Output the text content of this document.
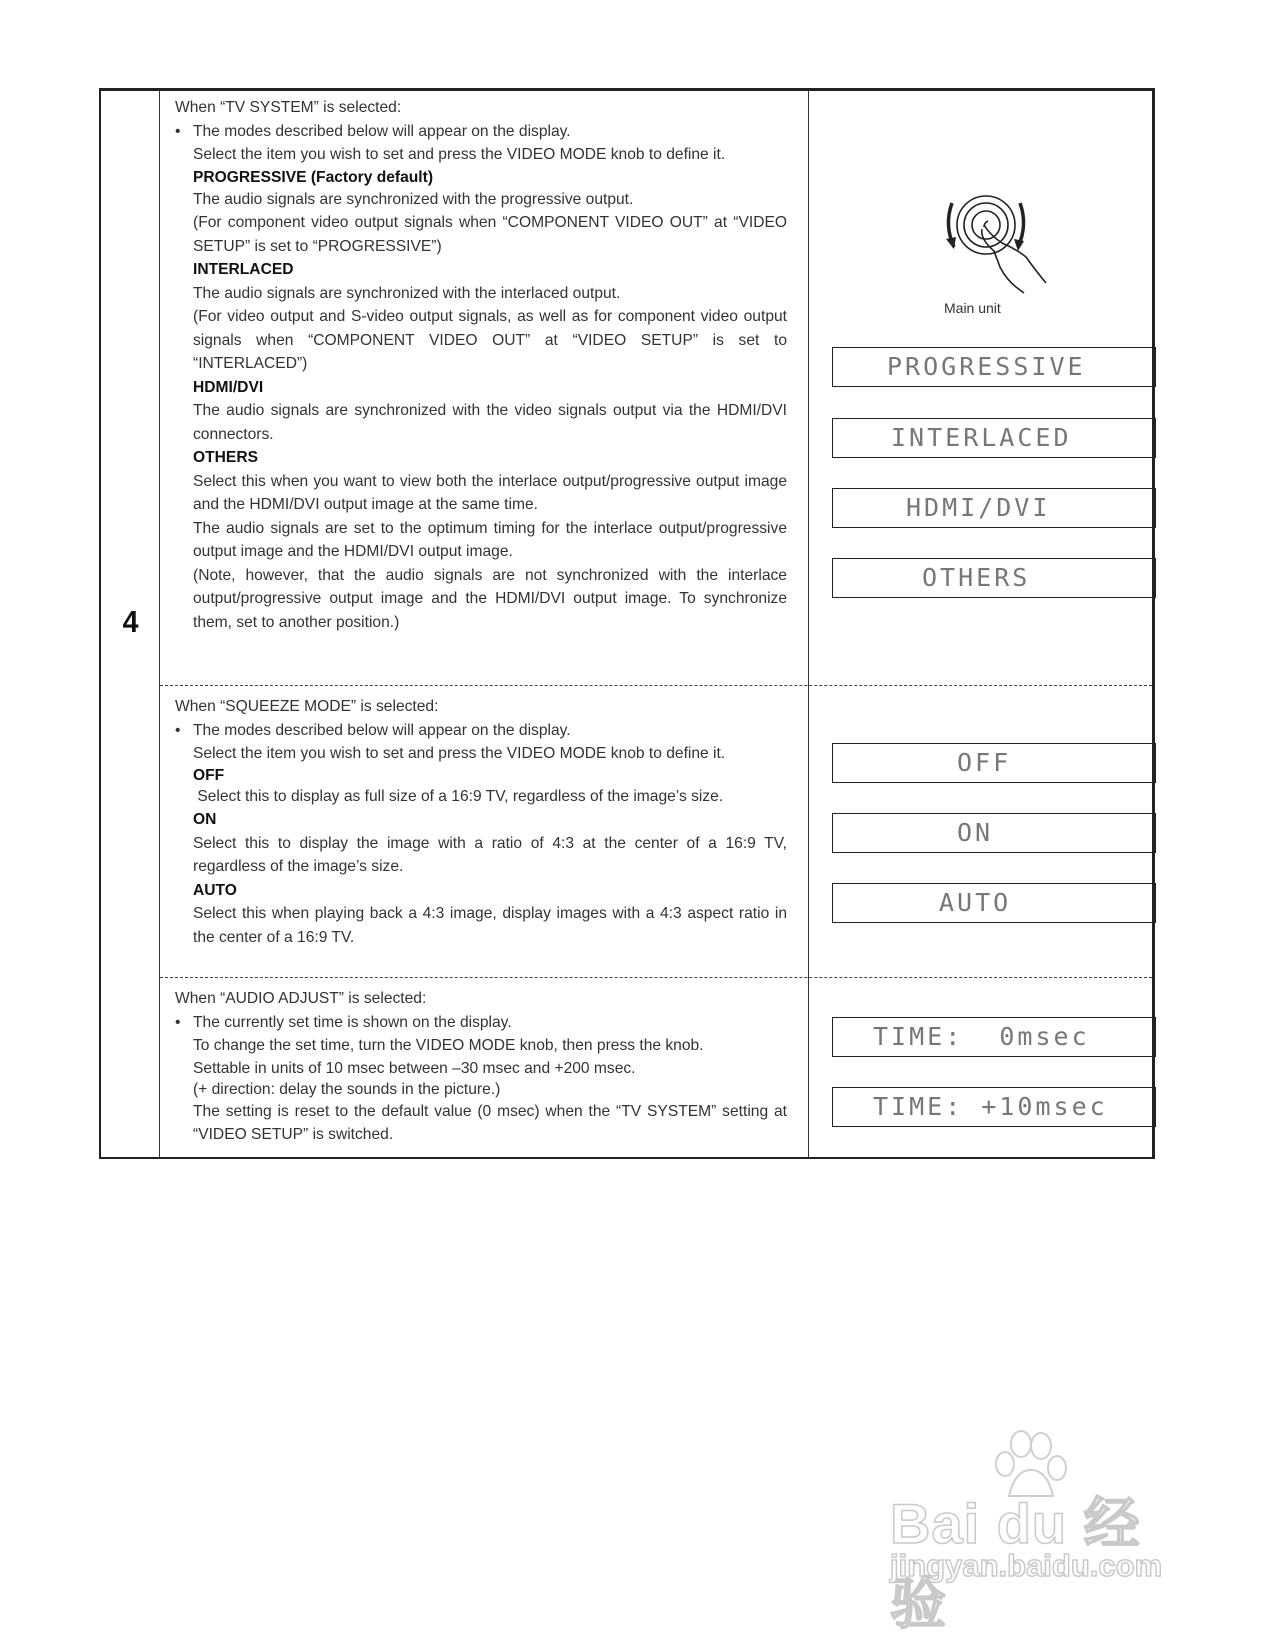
4

When “TV SYSTEM” is selected:

• The modes described below will appear on the display.

Select the item you wish to set and press the VIDEO MODE knob to define it.

PROGRESSIVE (Factory default)

The audio signals are synchronized with the progressive output.

(For component video output signals when “COMPONENT VIDEO OUT” at “VIDEO SETUP” is set to “PROGRESSIVE”)

INTERLACED

The audio signals are synchronized with the interlaced output.

(For video output and S-video output signals, as well as for component video output signals when “COMPONENT VIDEO OUT” at “VIDEO SETUP” is set to “INTERLACED”)

HDMI/DVI

The audio signals are synchronized with the video signals output via the HDMI/DVI connectors.

OTHERS

Select this when you want to view both the interlace output/progressive output image and the HDMI/DVI output image at the same time.

The audio signals are set to the optimum timing for the interlace output/progressive output image and the HDMI/DVI output image.

(Note, however, that the audio signals are not synchronized with the interlace output/progressive output image and the HDMI/DVI output image. To synchronize them, set to another position.)

When “SQUEEZE MODE” is selected:

• The modes described below will appear on the display.

Select the item you wish to set and press the VIDEO MODE knob to define it.

OFF

Select this to display as full size of a 16:9 TV, regardless of the image’s size.

ON

Select this to display the image with a ratio of 4:3 at the center of a 16:9 TV, regardless of the image’s size.

AUTO

Select this when playing back a 4:3 image, display images with a 4:3 aspect ratio in the center of a 16:9 TV.

When “AUDIO ADJUST” is selected:

• The currently set time is shown on the display.

To change the set time, turn the VIDEO MODE knob, then press the knob.

Settable in units of 10 msec between –30 msec and +200 msec.

(+ direction: delay the sounds in the picture.)

The setting is reset to the default value (0 msec) when the “TV SYSTEM” setting at “VIDEO SETUP” is switched.

Main unit
PROGRESSIVE
INTERLACED
HDMI/DVI
OTHERS
OFF
ON
AUTO
TIME:  0msec
TIME: +10msec
Bai du 经验
jingyan.baidu.com
